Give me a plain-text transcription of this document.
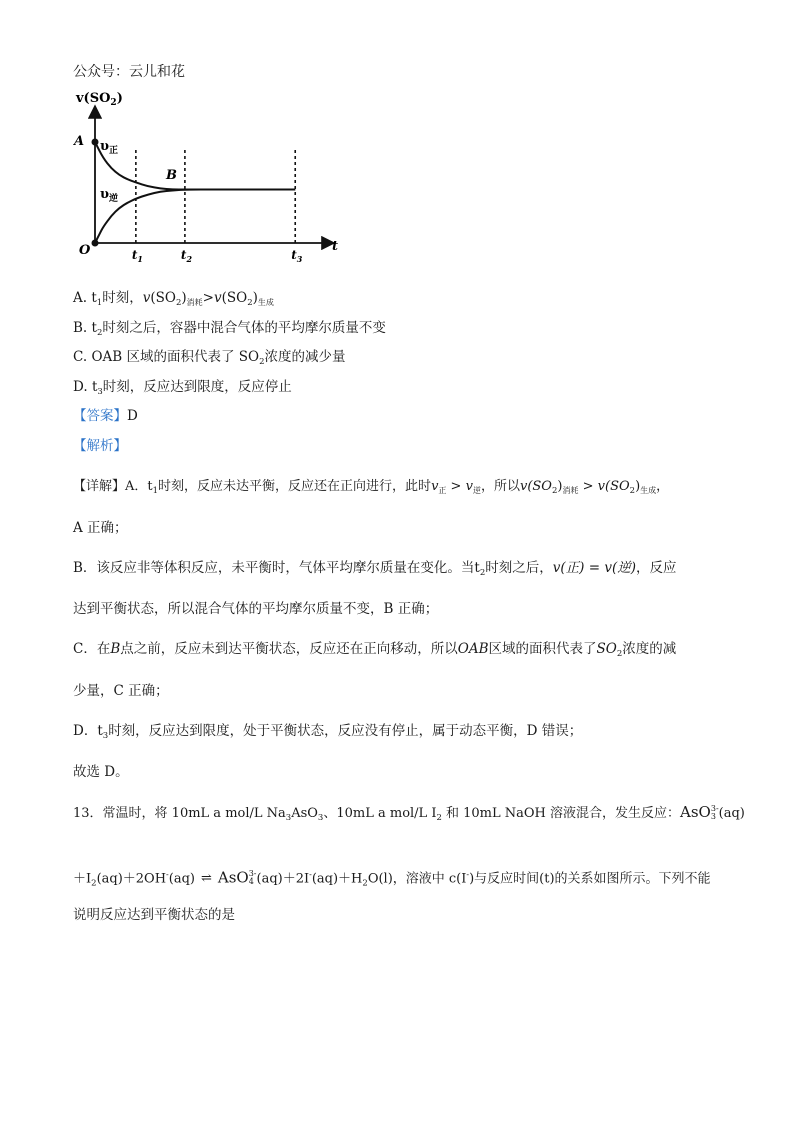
公众号：云儿和花
$v(SO_2)$
t
O
A
B
$\upsilon_正$
$\upsilon_逆$
$t_1$	$t_2$	$t_3$
A. $t_1$时刻，$v(SO_2)_{消耗}>v(SO_2)_{生成}$
B. $t_2$时刻之后，容器中混合气体的平均摩尔质量不变
C. OAB 区域的面积代表了 $SO_2$浓度的减少量
D. $t_3$时刻，反应达到限度，反应停止
【答案】D
【解析】
【详解】A．$t_1$时刻，反应未达平衡，反应还在正向进行，此时$v_正 > v_逆$，所以$v(SO_2)_{消耗} > v(SO_2)_{生成}$，
A 正确；
B．该反应非等体积反应，未平衡时，气体平均摩尔质量在变化。当$t_2$时刻之后，v(正) = v(逆)，反应
达到平衡状态，所以混合气体的平均摩尔质量不变，B 正确；
C．在B点之前，反应未到达平衡状态，反应还在正向移动，所以OAB区域的面积代表了$SO_2$浓度的减
少量，C 正确；
D．$t_3$时刻，反应达到限度，处于平衡状态，反应没有停止，属于动态平衡，D 错误；
故选 D。
13．常温时，将 10mL a mol/L $Na_3AsO_3$、10mL a mol/L $I_2$ 和 10mL NaOH 溶液混合，发生反应：AsO 3-
3 (aq)
$+I_2(aq)+2OH^-(aq)$ ⇌ AsO 3-
4 $(aq)+2I^-(aq)+H_2O(l)$，溶液中 c(I-)与反应时间(t)的关系如图所示。下列不能
说明反应达到平衡状态的是
